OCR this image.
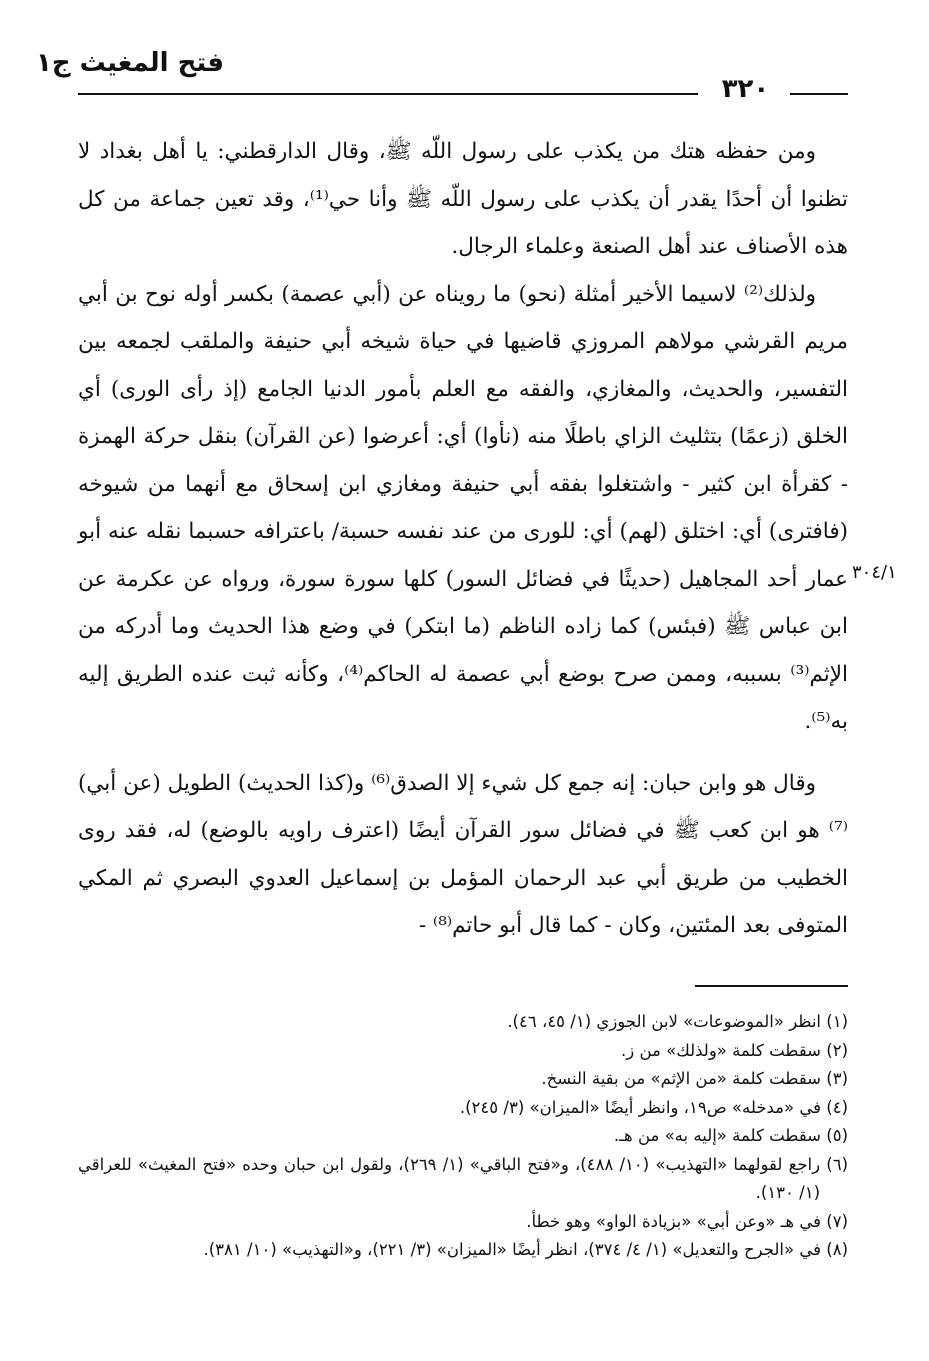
فتح المغيث ج١
٣٢٠

ومن حفظه هتك من يكذب على رسول اللّه ﷺ، وقال الدارقطني: يا أهل بغداد لا تظنوا أن أحدًا يقدر أن يكذب على رسول اللّه ﷺ وأنا حي⁽¹⁾، وقد تعين جماعة من كل هذه الأصناف عند أهل الصنعة وعلماء الرجال.

ولذلك⁽²⁾ لاسيما الأخير أمثلة (نحو) ما رويناه عن (أبي عصمة) بكسر أوله نوح بن أبي مريم القرشي مولاهم المروزي قاضيها في حياة شيخه أبي حنيفة والملقب لجمعه بين التفسير، والحديث، والمغازي، والفقه مع العلم بأمور الدنيا الجامع (إذ رأى الورى) أي الخلق (زعمًا) بتثليث الزاي باطلًا منه (نأوا) أي: أعرضوا (عن القرآن) بنقل حركة الهمزة - كقرأة ابن كثير - واشتغلوا بفقه أبي حنيفة ومغازي ابن إسحاق مع أنهما من شيوخه (فافترى) أي: اختلق (لهم) أي: للورى من عند نفسه حسبة/ باعترافه حسبما نقله عنه أبو عمار أحد المجاهيل (حديثًا في فضائل السور) كلها سورة سورة، ورواه عن عكرمة عن ابن عباس ﷺ (فبئس) كما زاده الناظم (ما ابتكر) في وضع هذا الحديث وما أدركه من الإثم⁽³⁾ بسببه، وممن صرح بوضع أبي عصمة له الحاكم⁽⁴⁾، وكأنه ثبت عنده الطريق إليه به⁽⁵⁾.

وقال هو وابن حبان: إنه جمع كل شيء إلا الصدق⁽⁶⁾ و(كذا الحديث) الطويل (عن أبي)⁽⁷⁾ هو ابن كعب ﷺ في فضائل سور القرآن أيضًا (اعترف راويه بالوضع) له، فقد روى الخطيب من طريق أبي عبد الرحمان المؤمل بن إسماعيل العدوي البصري ثم المكي المتوفى بعد المئتين، وكان - كما قال أبو حاتم⁽⁸⁾ -

٣٠٤/١

(١) انظر «الموضوعات» لابن الجوزي (١/ ٤٥، ٤٦).

(٢) سقطت كلمة «ولذلك» من ز.

(٣) سقطت كلمة «من الإثم» من بقية النسخ.

(٤) في «مدخله» ص١٩، وانظر أيضًا «الميزان» (٣/ ٢٤٥).

(٥) سقطت كلمة «إليه به» من هـ.

(٦) راجع لقولهما «التهذيب» (١٠/ ٤٨٨)، و«فتح الباقي» (١/ ٢٦٩)، ولقول ابن حبان وحده «فتح المغيث» للعراقي (١/ ١٣٠).

(٧) في هـ «وعن أبي» «بزيادة الواو» وهو خطأ.

(٨) في «الجرح والتعديل» (١/ ٤/ ٣٧٤)، انظر أيضًا «الميزان» (٣/ ٢٢١)، و«التهذيب» (١٠/ ٣٨١).
